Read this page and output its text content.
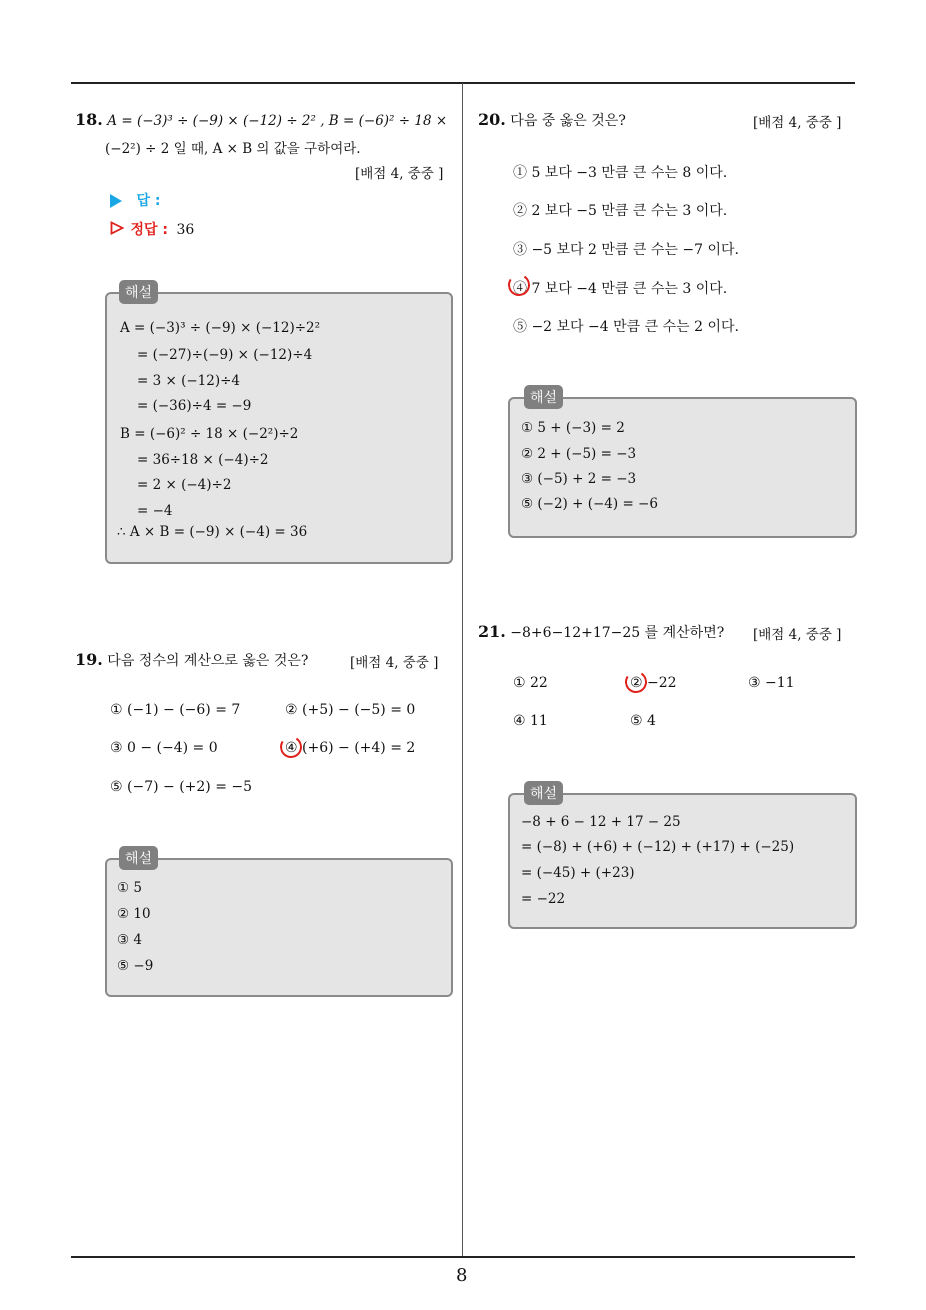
8
18. A = (−3)³ ÷ (−9) × (−12) ÷ 2² , B = (−6)² ÷ 18 ×
(−2²) ÷ 2 일 때, A × B 의 값을 구하여라.
[배점 4, 중중 ]
답 :
정답 : 36
해설
A = (−3)³ ÷ (−9) × (−12)÷2²
= (−27)÷(−9) × (−12)÷4
= 3 × (−12)÷4
= (−36)÷4 = −9
B = (−6)² ÷ 18 × (−2²)÷2
= 36÷18 × (−4)÷2
= 2 × (−4)÷2
= −4
∴ A × B = (−9) × (−4) = 36
19. 다음 정수의 계산으로 옳은 것은?	[배점 4, 중중 ]
① (−1) − (−6) = 7	② (+5) − (−5) = 0
③ 0 − (−4) = 0	④ (+6) − (+4) = 2
⑤ (−7) − (+2) = −5
해설
① 5
② 10
③ 4
⑤ −9
20. 다음 중 옳은 것은?	[배점 4, 중중 ]
① 5 보다 −3 만큼 큰 수는 8 이다.
② 2 보다 −5 만큼 큰 수는 3 이다.
③ −5 보다 2 만큼 큰 수는 −7 이다.
④ 7 보다 −4 만큼 큰 수는 3 이다.
⑤ −2 보다 −4 만큼 큰 수는 2 이다.
해설
① 5 + (−3) = 2
② 2 + (−5) = −3
③ (−5) + 2 = −3
⑤ (−2) + (−4) = −6
21. −8+6−12+17−25 를 계산하면? [배점 4, 중중 ]
① 22	② −22	③ −11
④ 11	⑤ 4
해설
−8 + 6 − 12 + 17 − 25
= (−8) + (+6) + (−12) + (+17) + (−25)
= (−45) + (+23)
= −22
